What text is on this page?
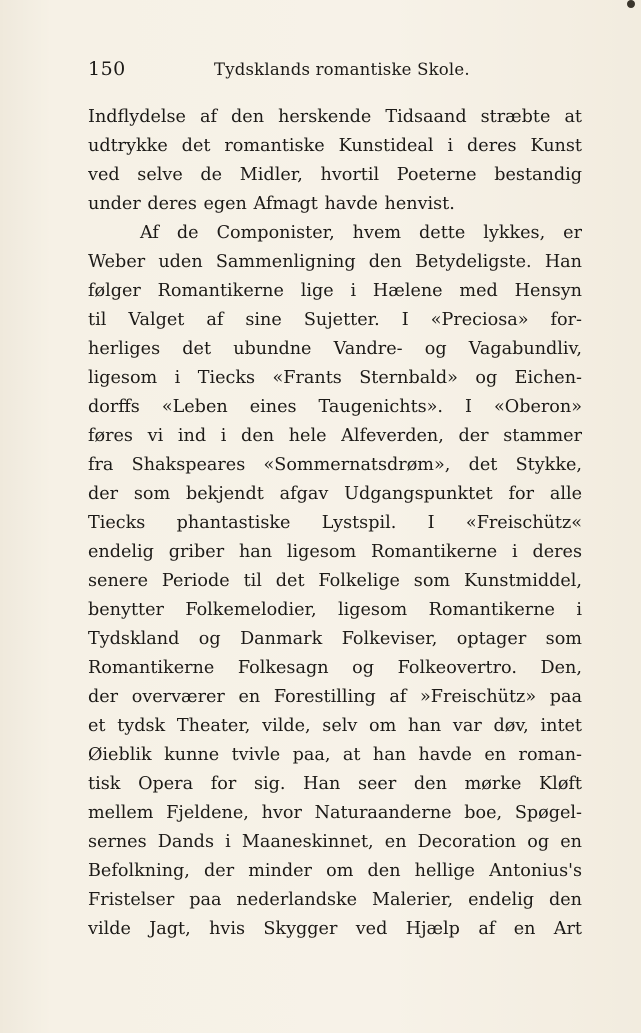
150	Tydsklands romantiske Skole.
Indflydelse af den herskende Tidsaand stræbte at
udtrykke det romantiske Kunstideal i deres Kunst
ved selve de Midler, hvortil Poeterne bestandig
under deres egen Afmagt havde henvist.
Af de Componister, hvem dette lykkes, er
Weber uden Sammenligning den Betydeligste. Han
følger Romantikerne lige i Hælene med Hensyn
til Valget af sine Sujetter. I «Preciosa» for-
herliges det ubundne Vandre- og Vagabundliv,
ligesom i Tiecks «Frants Sternbald» og Eichen-
dorffs «Leben eines Taugenichts». I «Oberon»
føres vi ind i den hele Alfeverden, der stammer
fra Shakspeares «Sommernatsdrøm», det Stykke,
der som bekjendt afgav Udgangspunktet for alle
Tiecks phantastiske Lystspil. I «Freischütz«
endelig griber han ligesom Romantikerne i deres
senere Periode til det Folkelige som Kunstmiddel,
benytter Folkemelodier, ligesom Romantikerne i
Tydskland og Danmark Folkeviser, optager som
Romantikerne Folkesagn og Folkeovertro. Den,
der overværer en Forestilling af »Freischütz» paa
et tydsk Theater, vilde, selv om han var døv, intet
Øieblik kunne tvivle paa, at han havde en roman-
tisk Opera for sig. Han seer den mørke Kløft
mellem Fjeldene, hvor Naturaanderne boe, Spøgel-
sernes Dands i Maaneskinnet, en Decoration og en
Befolkning, der minder om den hellige Antonius's
Fristelser paa nederlandske Malerier, endelig den
vilde Jagt, hvis Skygger ved Hjælp af en Art
